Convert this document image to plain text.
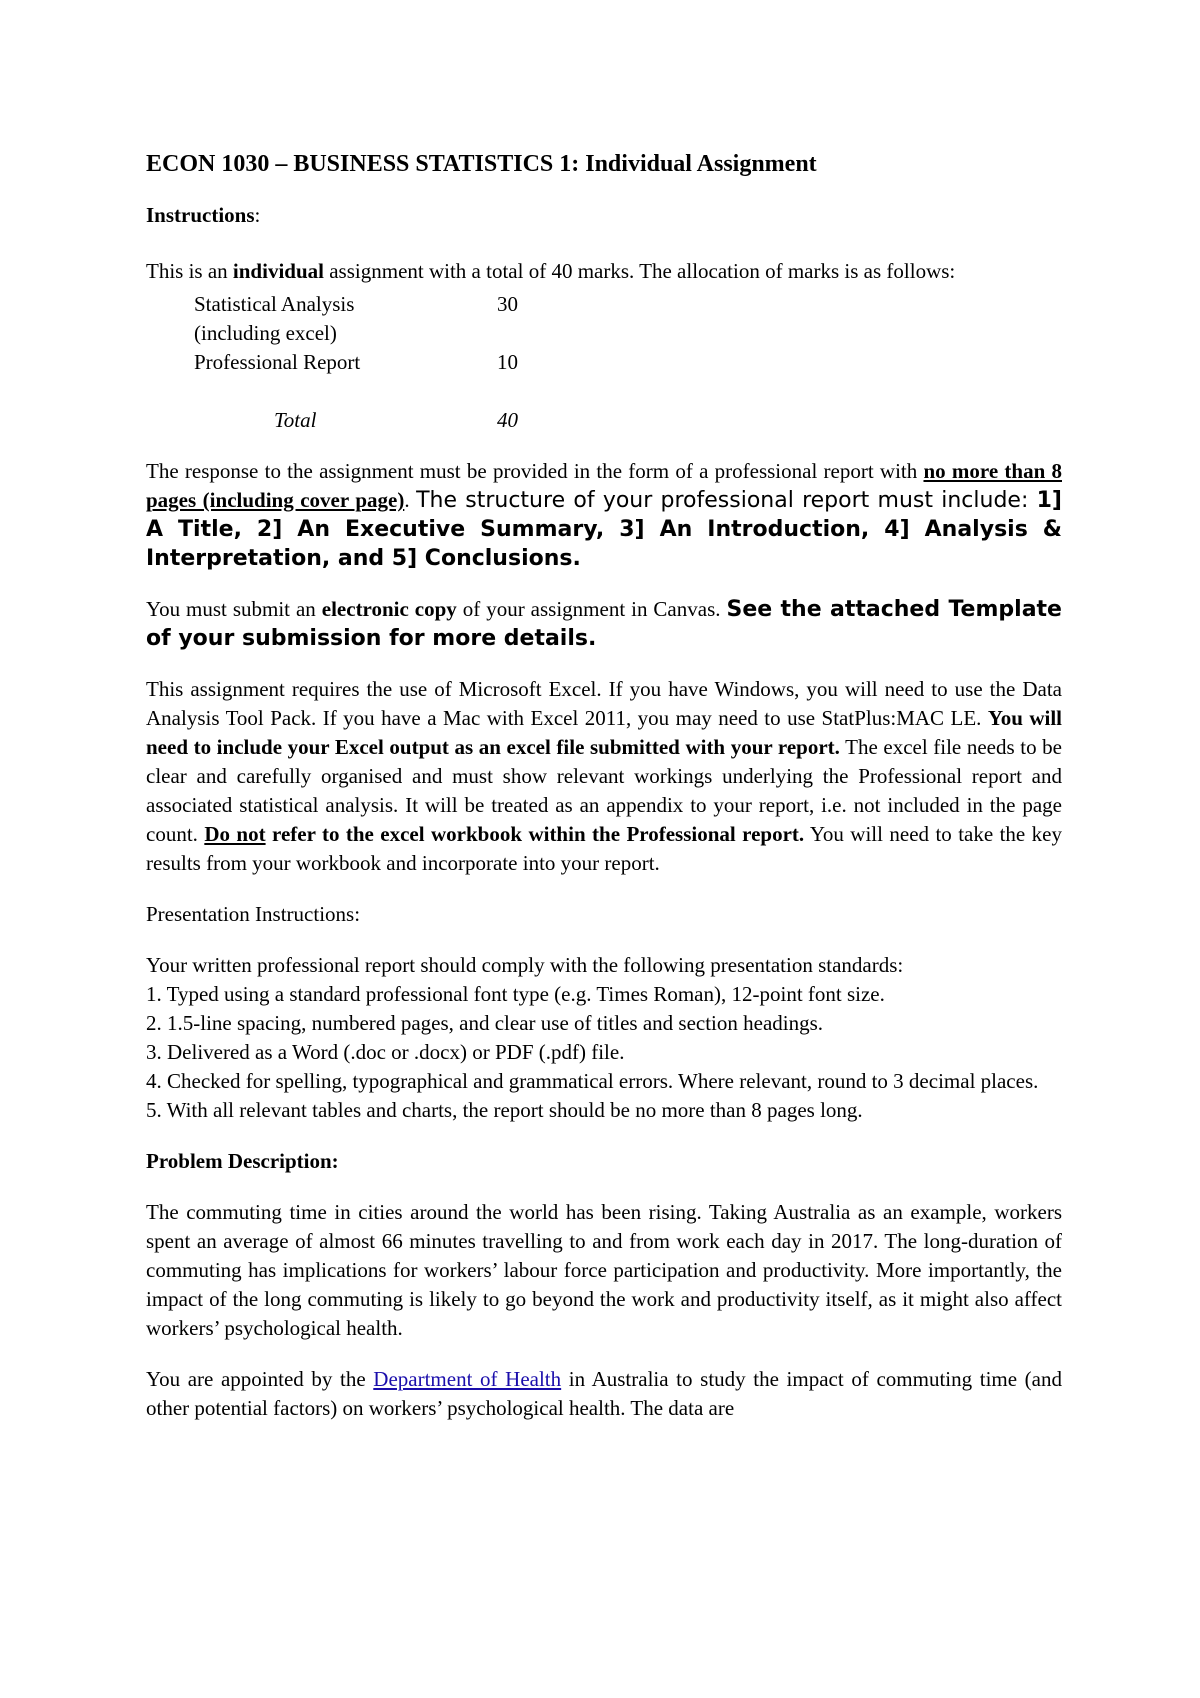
ECON 1030 – BUSINESS STATISTICS 1: Individual Assignment
Instructions:

This is an individual assignment with a total of 40 marks. The allocation of marks is as follows:

Statistical Analysis	30
(including excel)
Professional Report	10
Total	40

The response to the assignment must be provided in the form of a professional report with no more than 8 pages (including cover page). The structure of your professional report must include: 1] A Title, 2] An Executive Summary, 3] An Introduction, 4] Analysis & Interpretation, and 5] Conclusions.

You must submit an electronic copy of your assignment in Canvas. See the attached Template of your submission for more details.

This assignment requires the use of Microsoft Excel. If you have Windows, you will need to use the Data Analysis Tool Pack. If you have a Mac with Excel 2011, you may need to use StatPlus:MAC LE. You will need to include your Excel output as an excel file submitted with your report. The excel file needs to be clear and carefully organised and must show relevant workings underlying the Professional report and associated statistical analysis. It will be treated as an appendix to your report, i.e. not included in the page count. Do not refer to the excel workbook within the Professional report. You will need to take the key results from your workbook and incorporate into your report.

Presentation Instructions:

Your written professional report should comply with the following presentation standards:

1. Typed using a standard professional font type (e.g. Times Roman), 12-point font size.

2. 1.5-line spacing, numbered pages, and clear use of titles and section headings.

3. Delivered as a Word (.doc or .docx) or PDF (.pdf) file.

4. Checked for spelling, typographical and grammatical errors. Where relevant, round to 3 decimal places.

5. With all relevant tables and charts, the report should be no more than 8 pages long.

Problem Description:

The commuting time in cities around the world has been rising. Taking Australia as an example, workers spent an average of almost 66 minutes travelling to and from work each day in 2017. The long-duration of commuting has implications for workers’ labour force participation and productivity. More importantly, the impact of the long commuting is likely to go beyond the work and productivity itself, as it might also affect workers’ psychological health.

You are appointed by the Department of Health in Australia to study the impact of commuting time (and other potential factors) on workers’ psychological health. The data are
